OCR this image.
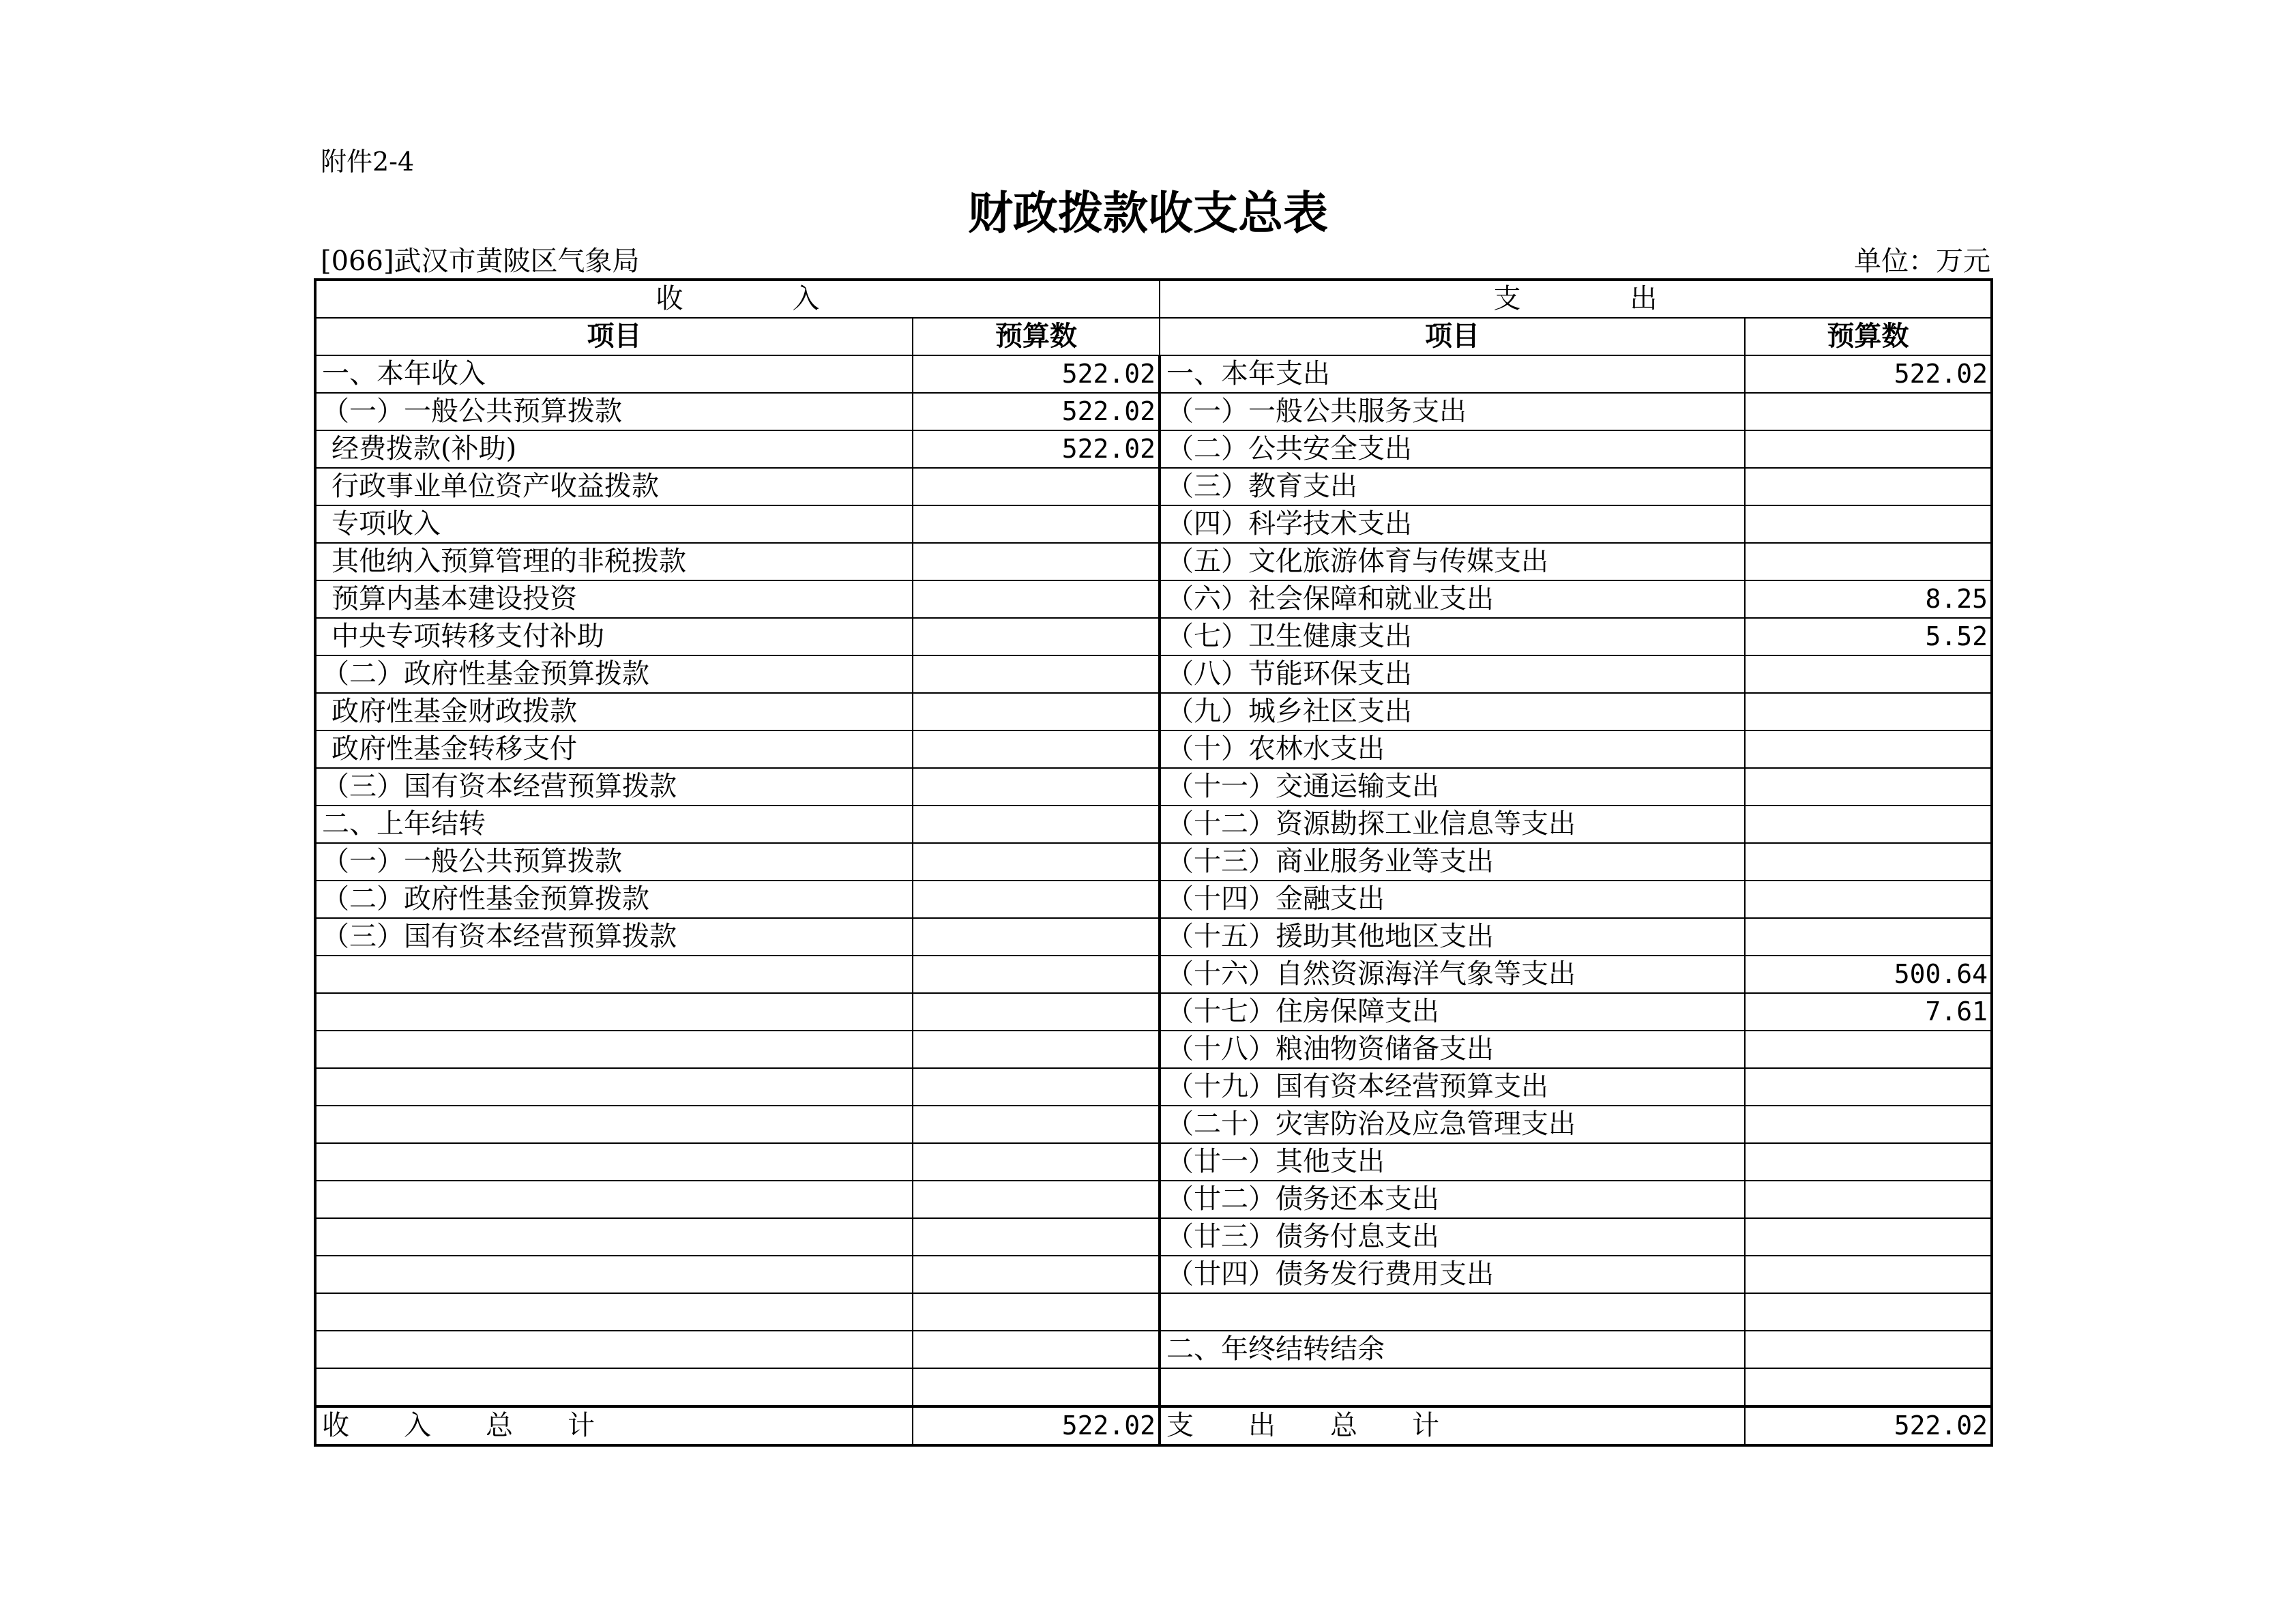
附件2-4
财政拨款收支总表
[066]武汉市黄陂区气象局	单位：万元
收　　　　入		支　　　　出	
项目	预算数	项目	预算数
一、本年收入	522.02	一、本年支出	522.02
（一）一般公共预算拨款	522.02	（一）一般公共服务支出	
经费拨款(补助)	522.02	（二）公共安全支出	
行政事业单位资产收益拨款		（三）教育支出	
专项收入		（四）科学技术支出	
其他纳入预算管理的非税拨款		（五）文化旅游体育与传媒支出	
预算内基本建设投资		（六）社会保障和就业支出	8.25
中央专项转移支付补助		（七）卫生健康支出	5.52
（二）政府性基金预算拨款		（八）节能环保支出	
政府性基金财政拨款		（九）城乡社区支出	
政府性基金转移支付		（十）农林水支出	
（三）国有资本经营预算拨款		（十一）交通运输支出	
二、上年结转		（十二）资源勘探工业信息等支出	
（一）一般公共预算拨款		（十三）商业服务业等支出	
（二）政府性基金预算拨款		（十四）金融支出	
（三）国有资本经营预算拨款		（十五）援助其他地区支出	
		（十六）自然资源海洋气象等支出	500.64
		（十七）住房保障支出	7.61
		（十八）粮油物资储备支出	
		（十九）国有资本经营预算支出	
		（二十）灾害防治及应急管理支出	
		（廿一）其他支出	
		（廿二）债务还本支出	
		（廿三）债务付息支出	
		（廿四）债务发行费用支出	

		二、年终结转结余	

收　　入　　总　　计	522.02	支　　出　　总　　计	522.02
